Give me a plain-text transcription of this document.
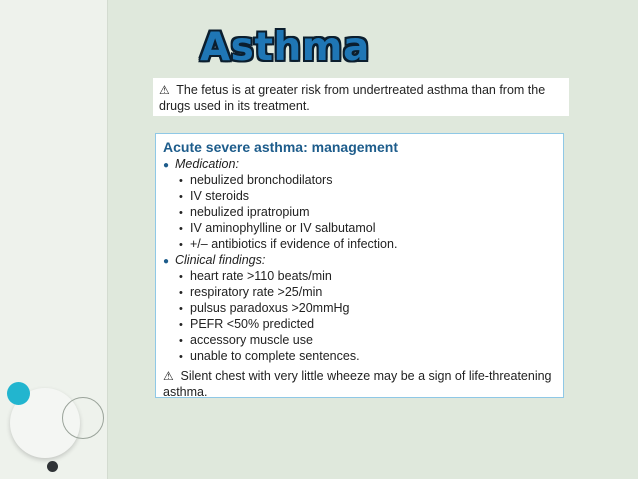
Asthma
⚠ The fetus is at greater risk from undertreated asthma than from the drugs used in its treatment.
Acute severe asthma: management
● Medication:
• nebulized bronchodilators
• IV steroids
• nebulized ipratropium
• IV aminophylline or IV salbutamol
• +/– antibiotics if evidence of infection.
● Clinical findings:
• heart rate >110 beats/min
• respiratory rate >25/min
• pulsus paradoxus >20mmHg
• PEFR <50% predicted
• accessory muscle use
• unable to complete sentences.
⚠ Silent chest with very little wheeze may be a sign of life-threatening asthma.
